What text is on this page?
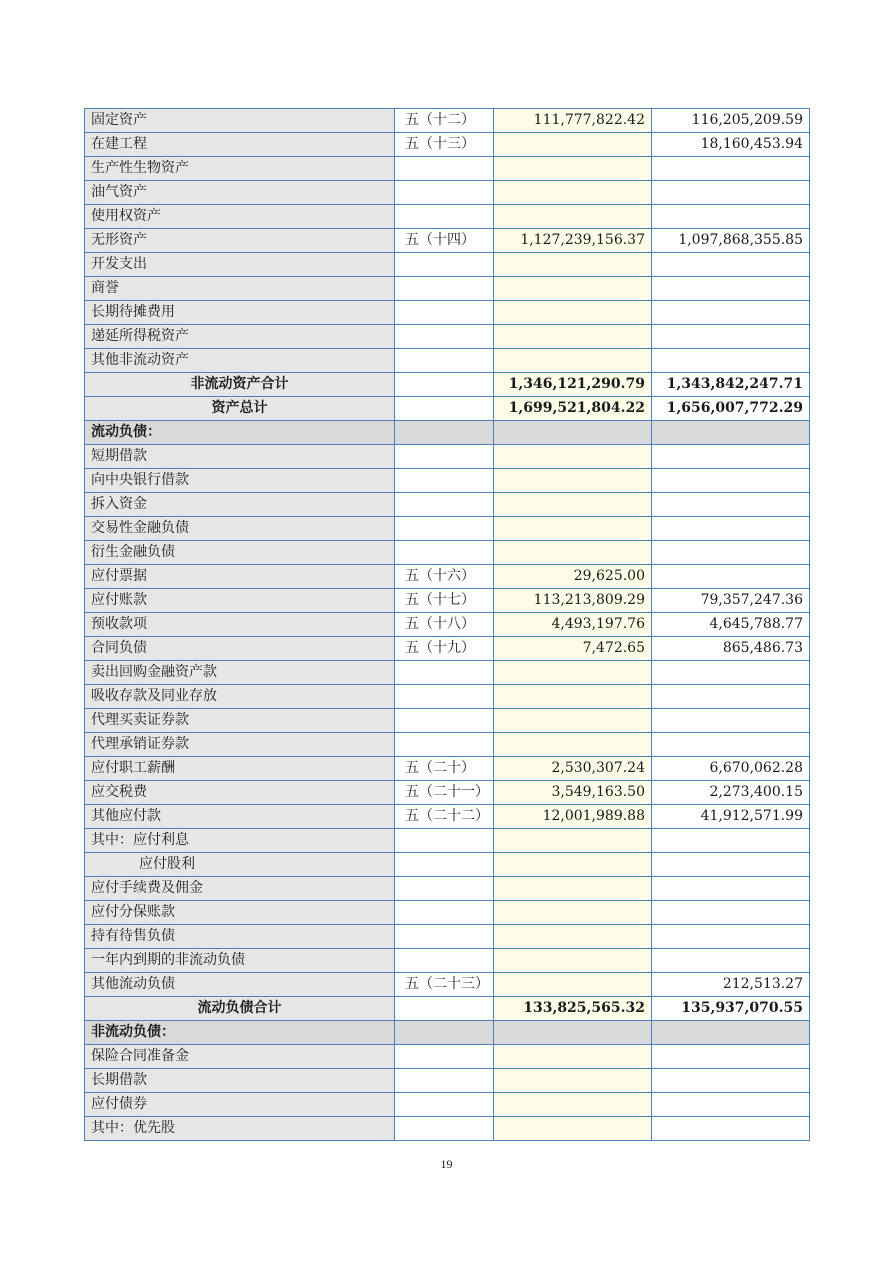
固定资产	五（十二）	111,777,822.42	116,205,209.59
在建工程	五（十三）		18,160,453.94
生产性生物资产			
油气资产			
使用权资产			
无形资产	五（十四）	1,127,239,156.37	1,097,868,355.85
开发支出			
商誉			
长期待摊费用			
递延所得税资产			
其他非流动资产			
非流动资产合计		1,346,121,290.79	1,343,842,247.71
资产总计		1,699,521,804.22	1,656,007,772.29
流动负债：			
短期借款			
向中央银行借款			
拆入资金			
交易性金融负债			
衍生金融负债			
应付票据	五（十六）	29,625.00	
应付账款	五（十七）	113,213,809.29	79,357,247.36
预收款项	五（十八）	4,493,197.76	4,645,788.77
合同负债	五（十九）	7,472.65	865,486.73
卖出回购金融资产款			
吸收存款及同业存放			
代理买卖证券款			
代理承销证券款			
应付职工薪酬	五（二十）	2,530,307.24	6,670,062.28
应交税费	五（二十一）	3,549,163.50	2,273,400.15
其他应付款	五（二十二）	12,001,989.88	41,912,571.99
其中：应付利息			
应付股利			
应付手续费及佣金			
应付分保账款			
持有待售负债			
一年内到期的非流动负债			
其他流动负债	五（二十三）		212,513.27
流动负债合计		133,825,565.32	135,937,070.55
非流动负债：			
保险合同准备金			
长期借款			
应付债券			
其中：优先股			
19
